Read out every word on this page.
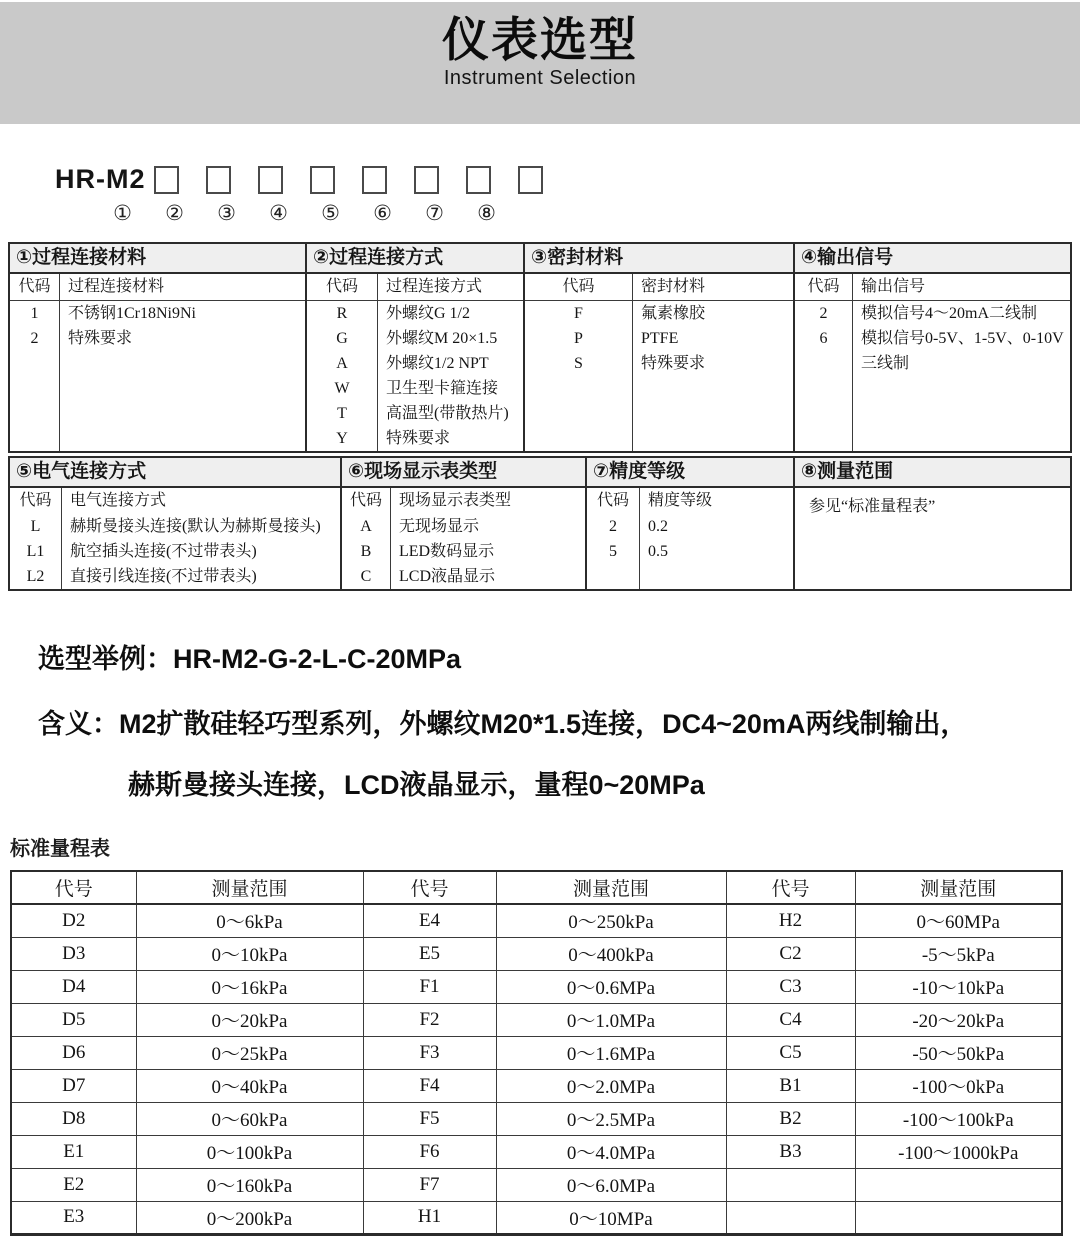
仪表选型
Instrument Selection
HR-M2
① ② ③ ④ ⑤ ⑥ ⑦ ⑧
①过程连接材料
代码	过程连接材料
1	不锈钢1Cr18Ni9Ni
2	特殊要求
②过程连接方式
代码	过程连接方式
R	外螺纹G 1/2
G	外螺纹M 20×1.5
A	外螺纹1/2 NPT
W	卫生型卡箍连接
T	高温型(带散热片)
Y	特殊要求
③密封材料
代码	密封材料
F	氟素橡胶
P	PTFE
S	特殊要求
④输出信号
代码	输出信号
2	模拟信号4～20mA二线制
6	模拟信号0-5V、1-5V、0-10V
三线制
⑤电气连接方式
代码	电气连接方式
L	赫斯曼接头连接(默认为赫斯曼接头)
L1	航空插头连接(不过带表头)
L2	直接引线连接(不过带表头)
⑥现场显示表类型
代码	现场显示表类型
A	无现场显示
B	LED数码显示
C	LCD液晶显示
⑦精度等级
代码	精度等级
2	0.2
5	0.5
⑧测量范围
参见“标准量程表”
选型举例：HR-M2-G-2-L-C-20MPa
含义：M2扩散硅轻巧型系列，外螺纹M20*1.5连接，DC4~20mA两线制输出，
赫斯曼接头连接，LCD液晶显示，量程0~20MPa
标准量程表
代号	测量范围	代号	测量范围	代号	测量范围
D2	0～6kPa	E4	0～250kPa	H2	0～60MPa
D3	0～10kPa	E5	0～400kPa	C2	-5～5kPa
D4	0～16kPa	F1	0～0.6MPa	C3	-10～10kPa
D5	0～20kPa	F2	0～1.0MPa	C4	-20～20kPa
D6	0～25kPa	F3	0～1.6MPa	C5	-50～50kPa
D7	0～40kPa	F4	0～2.0MPa	B1	-100～0kPa
D8	0～60kPa	F5	0～2.5MPa	B2	-100～100kPa
E1	0～100kPa	F6	0～4.0MPa	B3	-100～1000kPa
E2	0～160kPa	F7	0～6.0MPa		
E3	0～200kPa	H1	0～10MPa		
